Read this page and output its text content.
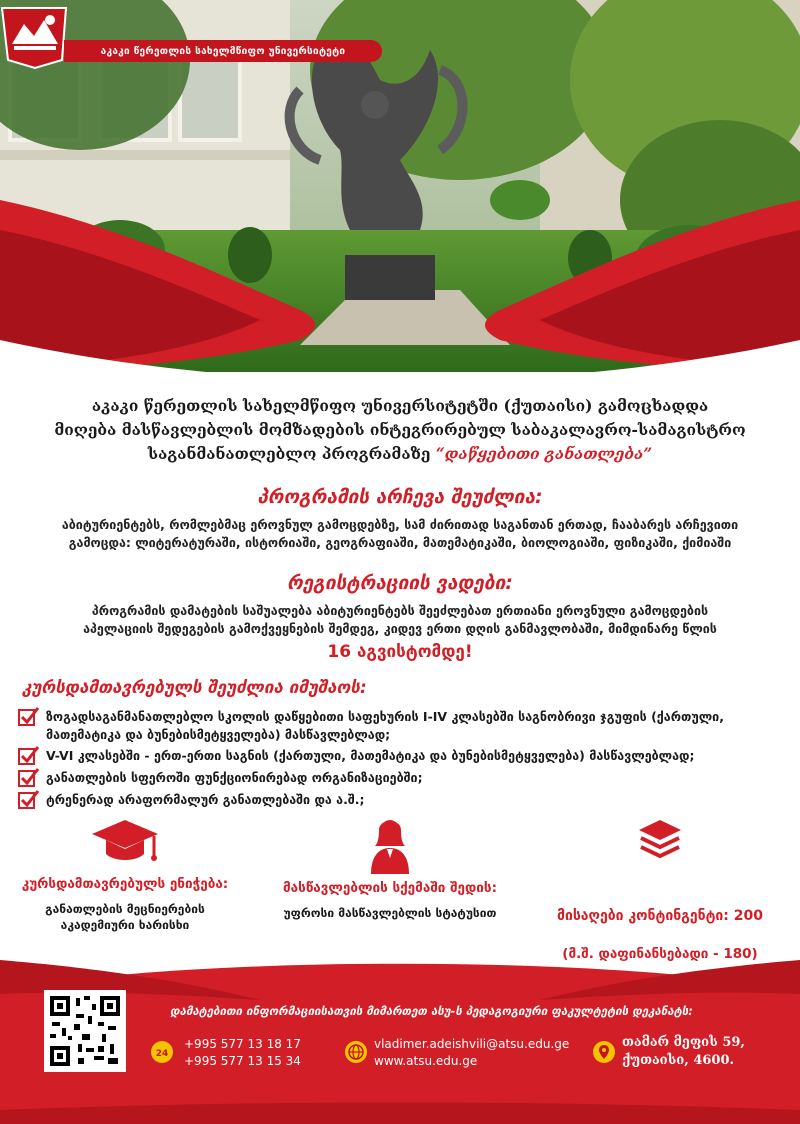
აკაკი წერეთლის სახელმწიფო უნივერსიტეტი
აკაკი წერეთლის სახელმწიფო უნივერსიტეტში (ქუთაისი) გამოცხადდა
მიღება მასწავლებლის მომზადების ინტეგრირებულ საბაკალავრო-სამაგისტრო
საგანმანათლებლო პროგრამაზე “დაწყებითი განათლება”
პროგრამის არჩევა შეუძლია:
აბიტურიენტებს, რომლებმაც ეროვნულ გამოცდებზე, სამ ძირითად საგანთან ერთად, ჩააბარეს არჩევითი
გამოცდა: ლიტერატურაში, ისტორიაში, გეოგრაფიაში, მათემატიკაში, ბიოლოგიაში, ფიზიკაში, ქიმიაში
რეგისტრაციის ვადები:
პროგრამის დამატების საშუალება აბიტურიენტებს შეეძლებათ ერთიანი ეროვნული გამოცდების
აპელაციის შედეგების გამოქვეყნების შემდეგ, კიდევ ერთი დღის განმავლობაში, მიმდინარე წლის
16 აგვისტომდე!
კურსდამთავრებულს შეუძლია იმუშაოს:
ზოგადსაგანმანათლებლო სკოლის დაწყებითი საფეხურის I-IV კლასებში საგნობრივი ჯგუფის (ქართული, მათემატიკა და ბუნებისმეტყველება) მასწავლებლად;
V-VI კლასებში - ერთ-ერთი საგნის (ქართული, მათემატიკა და ბუნებისმეტყველება) მასწავლებლად;
განათლების სფეროში ფუნქციონირებად ორგანიზაციებში;
ტრენერად არაფორმალურ განათლებაში და ა.შ.;
კურსდამთავრებულს ენიჭება:
განათლების მეცნიერების აკადემიური ხარისხი
მასწავლებლის სქემაში შედის:
უფროსი მასწავლებლის სტატუსით	მისაღები კონტინგენტი: 200
(მ.შ. დაფინანსებადი - 180)
დამატებითი ინფორმაციისათვის მიმართეთ ასუ-ს პედაგოგიური ფაკულტეტის დეკანატს:
24
+995 577 13 18 17
+995 577 13 15 34
vladimer.adeishvili@atsu.edu.ge
www.atsu.edu.ge
თამარ მეფის 59,
ქუთაისი, 4600.
